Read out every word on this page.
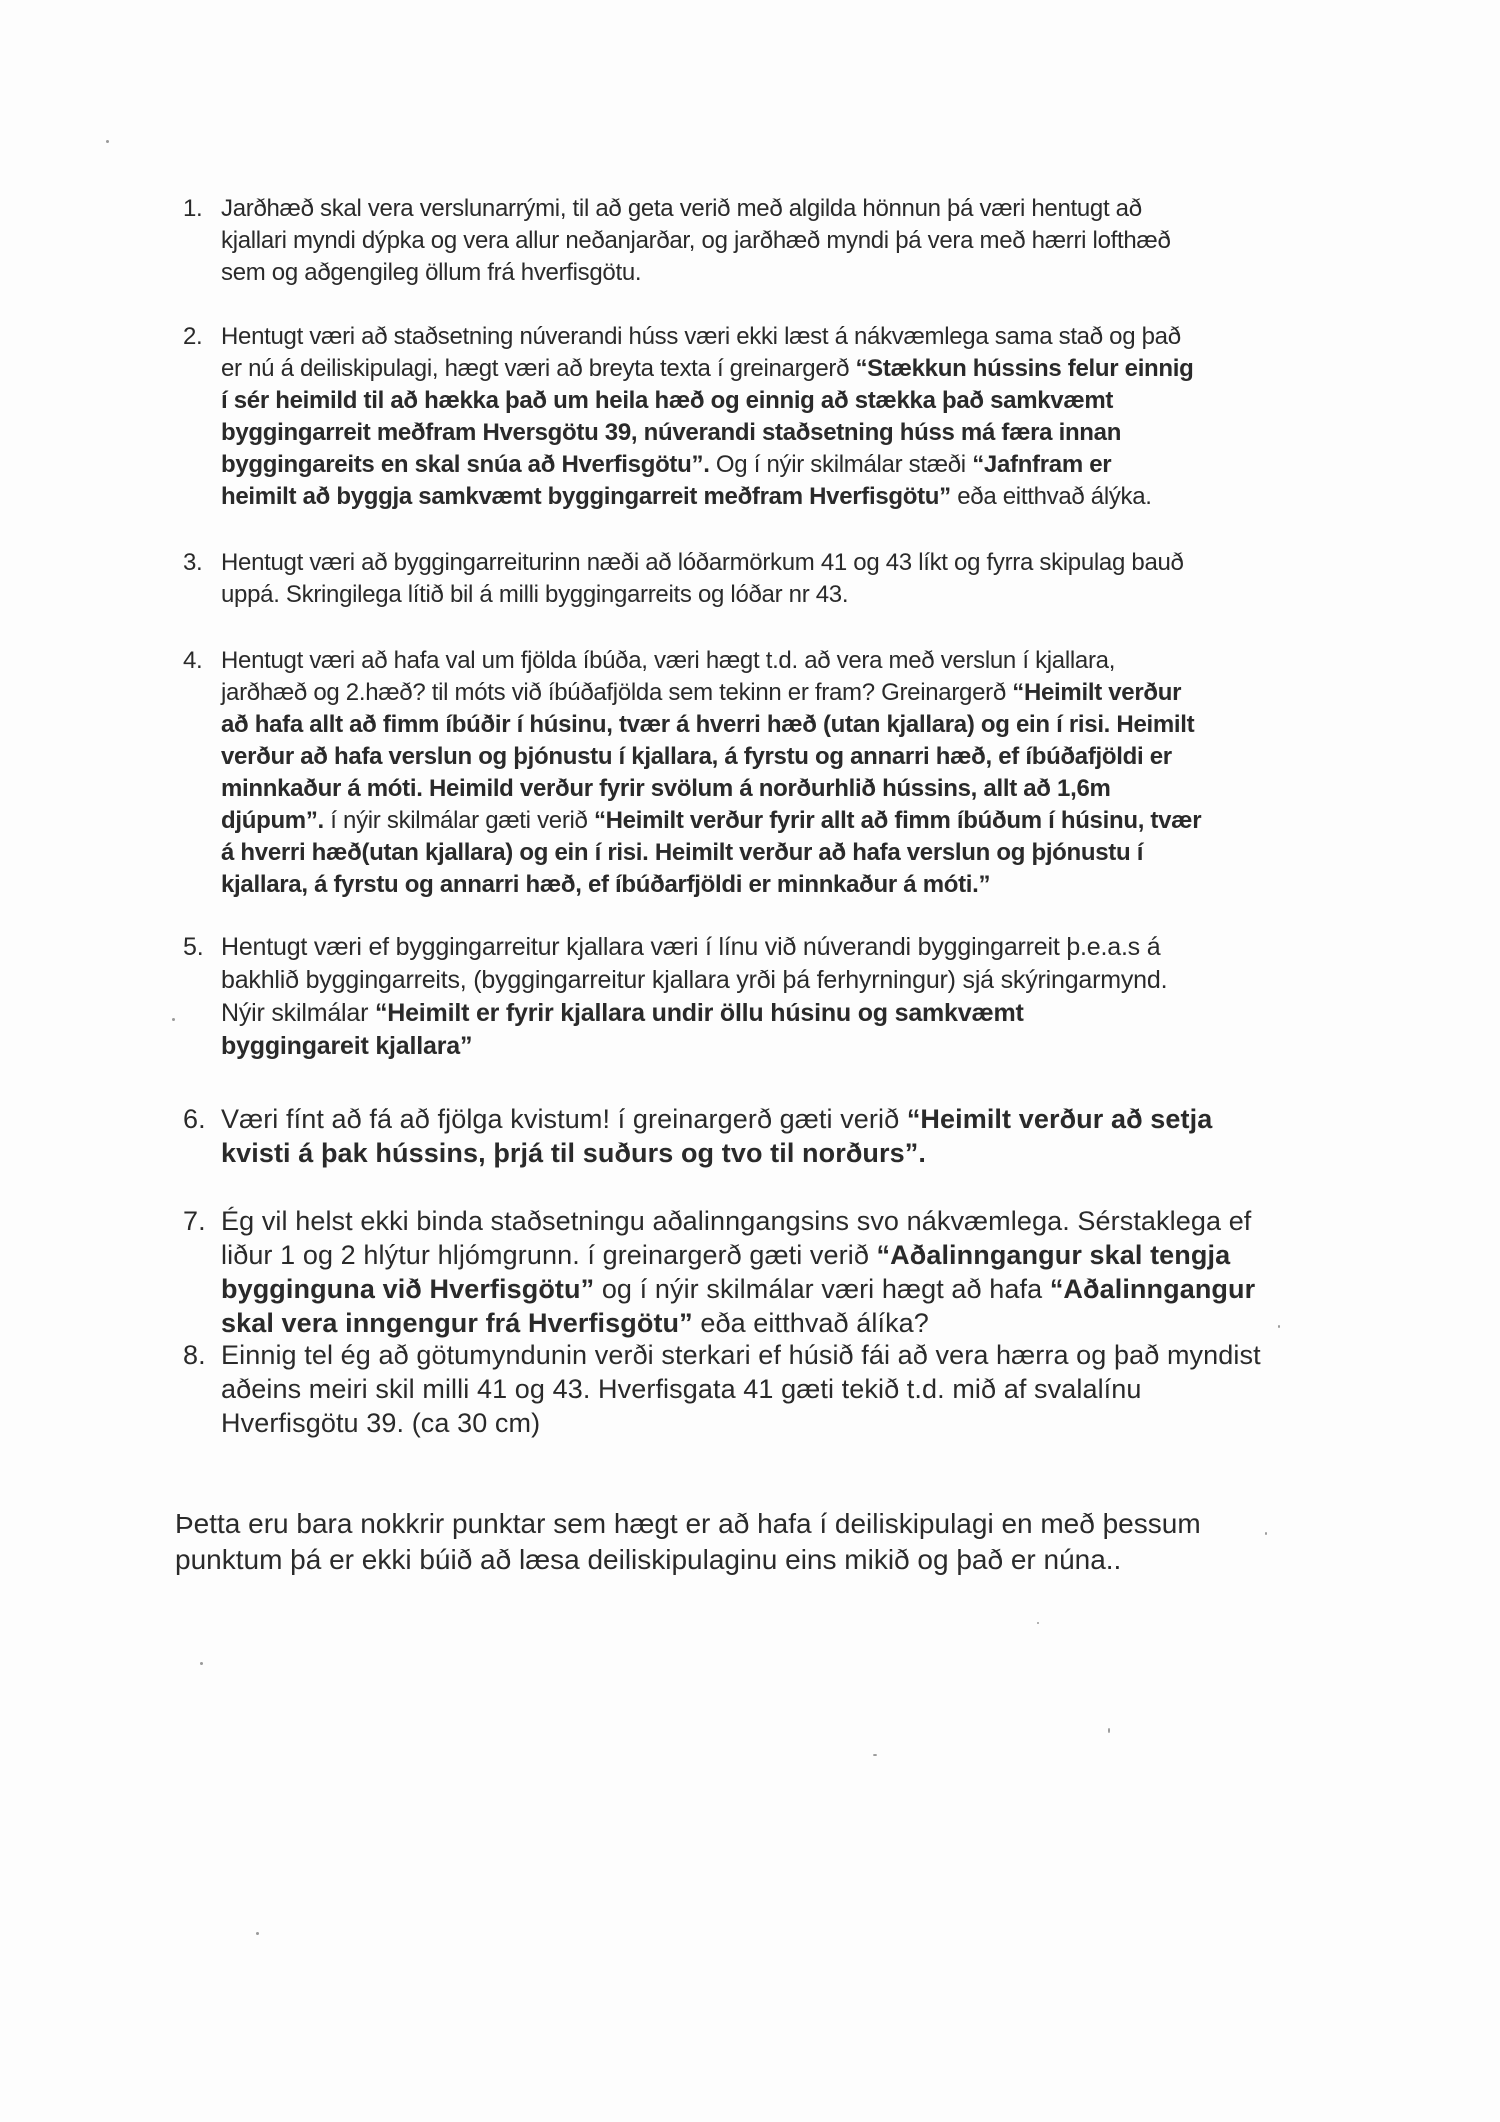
1. Jarðhæð skal vera verslunarrými, til að geta verið með algilda hönnun þá væri hentugt að
kjallari myndi dýpka og vera allur neðanjarðar, og jarðhæð myndi þá vera með hærri lofthæð
sem og aðgengileg öllum frá hverfisgötu.
2. Hentugt væri að staðsetning núverandi húss væri ekki læst á nákvæmlega sama stað og það
er nú á deiliskipulagi, hægt væri að breyta texta í greinargerð “Stækkun hússins felur einnig
í sér heimild til að hækka það um heila hæð og einnig að stækka það samkvæmt
byggingarreit meðfram Hversgötu 39, núverandi staðsetning húss má færa innan
byggingareits en skal snúa að Hverfisgötu”. Og í nýir skilmálar stæði “Jafnfram er
heimilt að byggja samkvæmt byggingarreit meðfram Hverfisgötu” eða eitthvað álýka.
3. Hentugt væri að byggingarreiturinn næði að lóðarmörkum 41 og 43 líkt og fyrra skipulag bauð
uppá. Skringilega lítið bil á milli byggingarreits og lóðar nr 43.
4. Hentugt væri að hafa val um fjölda íbúða, væri hægt t.d. að vera með verslun í kjallara,
jarðhæð og 2.hæð? til móts við íbúðafjölda sem tekinn er fram? Greinargerð “Heimilt verður
að hafa allt að fimm íbúðir í húsinu, tvær á hverri hæð (utan kjallara) og ein í risi. Heimilt
verður að hafa verslun og þjónustu í kjallara, á fyrstu og annarri hæð, ef íbúðafjöldi er
minnkaður á móti. Heimild verður fyrir svölum á norðurhlið hússins, allt að 1,6m
djúpum”. í nýir skilmálar gæti verið “Heimilt verður fyrir allt að fimm íbúðum í húsinu, tvær
á hverri hæð(utan kjallara) og ein í risi. Heimilt verður að hafa verslun og þjónustu í
kjallara, á fyrstu og annarri hæð, ef íbúðarfjöldi er minnkaður á móti.”
5. Hentugt væri ef byggingarreitur kjallara væri í línu við núverandi byggingarreit þ.e.a.s á
bakhlið byggingarreits, (byggingarreitur kjallara yrði þá ferhyrningur) sjá skýringarmynd.
Nýir skilmálar “Heimilt er fyrir kjallara undir öllu húsinu og samkvæmt
byggingareit kjallara”
6. Væri fínt að fá að fjölga kvistum! í greinargerð gæti verið “Heimilt verður að setja
kvisti á þak hússins, þrjá til suðurs og tvo til norðurs”.
7. Ég vil helst ekki binda staðsetningu aðalinngangsins svo nákvæmlega. Sérstaklega ef
liður 1 og 2 hlýtur hljómgrunn. í greinargerð gæti verið “Aðalinngangur skal tengja
bygginguna við Hverfisgötu” og í nýir skilmálar væri hægt að hafa “Aðalinngangur
skal vera inngengur frá Hverfisgötu” eða eitthvað álíka?
8. Einnig tel ég að götumyndunin verði sterkari ef húsið fái að vera hærra og það myndist
aðeins meiri skil milli 41 og 43. Hverfisgata 41 gæti tekið t.d. mið af svalalínu
Hverfisgötu 39. (ca 30 cm)
Þetta eru bara nokkrir punktar sem hægt er að hafa í deiliskipulagi en með þessum
punktum þá er ekki búið að læsa deiliskipulaginu eins mikið og það er núna..
